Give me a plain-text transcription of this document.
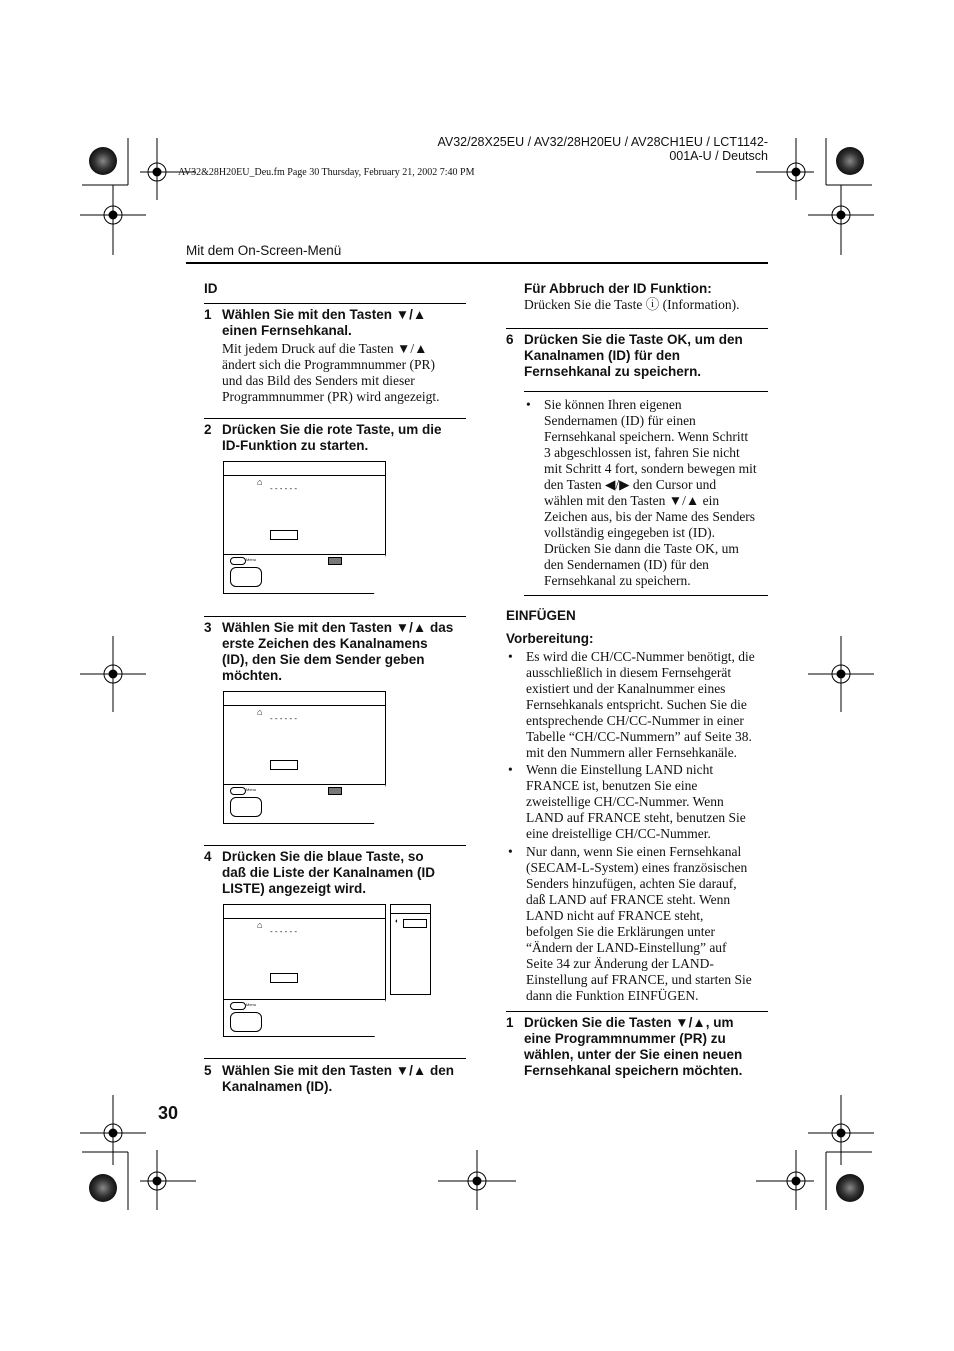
AV32/28X25EU / AV32/28H20EU / AV28CH1EU / LCT1142-001A-U / Deutsch
AV32&28H20EU_Deu.fm Page 30 Thursday, February 21, 2002 7:40 PM
Mit dem On-Screen-Menü
30
ID
1 Wählen Sie mit den Tasten ▼/▲
einen Fernsehkanal.
Mit jedem Druck auf die Tasten ▼/▲
ändert sich die Programmnummer (PR)
und das Bild des Senders mit dieser
Programmnummer (PR) wird angezeigt.
2 Drücken Sie die rote Taste, um die
ID-Funktion zu starten.
⌂
- - - - - -
Menu
3 Wählen Sie mit den Tasten ▼/▲ das
erste Zeichen des Kanalnamens
(ID), den Sie dem Sender geben
möchten.
⌂
- - - - - -
Menu
4 Drücken Sie die blaue Taste, so
daß die Liste der Kanalnamen (ID
LISTE) angezeigt wird.
⌂
- - - - - -
Menu
◐
5 Wählen Sie mit den Tasten ▼/▲ den
Kanalnamen (ID).
Für Abbruch der ID Funktion:
Drücken Sie die Taste ⓘ (Information).
6 Drücken Sie die Taste OK, um den
Kanalnamen (ID) für den
Fernsehkanal zu speichern.
• Sie können Ihren eigenen
Sendernamen (ID) für einen
Fernsehkanal speichern. Wenn Schritt
3 abgeschlossen ist, fahren Sie nicht
mit Schritt 4 fort, sondern bewegen mit
den Tasten ◀/▶ den Cursor und
wählen mit den Tasten ▼/▲ ein
Zeichen aus, bis der Name des Senders
vollständig eingegeben ist (ID).
Drücken Sie dann die Taste OK, um
den Sendernamen (ID) für den
Fernsehkanal zu speichern.
EINFÜGEN
Vorbereitung:
• Es wird die CH/CC-Nummer benötigt, die
ausschließlich in diesem Fernsehgerät
existiert und der Kanalnummer eines
Fernsehkanals entspricht. Suchen Sie die
entsprechende CH/CC-Nummer in einer
Tabelle “CH/CC-Nummern” auf Seite 38.
mit den Nummern aller Fernsehkanäle.
• Wenn die Einstellung LAND nicht
FRANCE ist, benutzen Sie eine
zweistellige CH/CC-Nummer. Wenn
LAND auf FRANCE steht, benutzen Sie
eine dreistellige CH/CC-Nummer.
• Nur dann, wenn Sie einen Fernsehkanal
(SECAM-L-System) eines französischen
Senders hinzufügen, achten Sie darauf,
daß LAND auf FRANCE steht. Wenn
LAND nicht auf FRANCE steht,
befolgen Sie die Erklärungen unter
“Ändern der LAND-Einstellung” auf
Seite 34 zur Änderung der LAND-
Einstellung auf FRANCE, und starten Sie
dann die Funktion EINFÜGEN.
1 Drücken Sie die Tasten ▼/▲, um
eine Programmnummer (PR) zu
wählen, unter der Sie einen neuen
Fernsehkanal speichern möchten.
